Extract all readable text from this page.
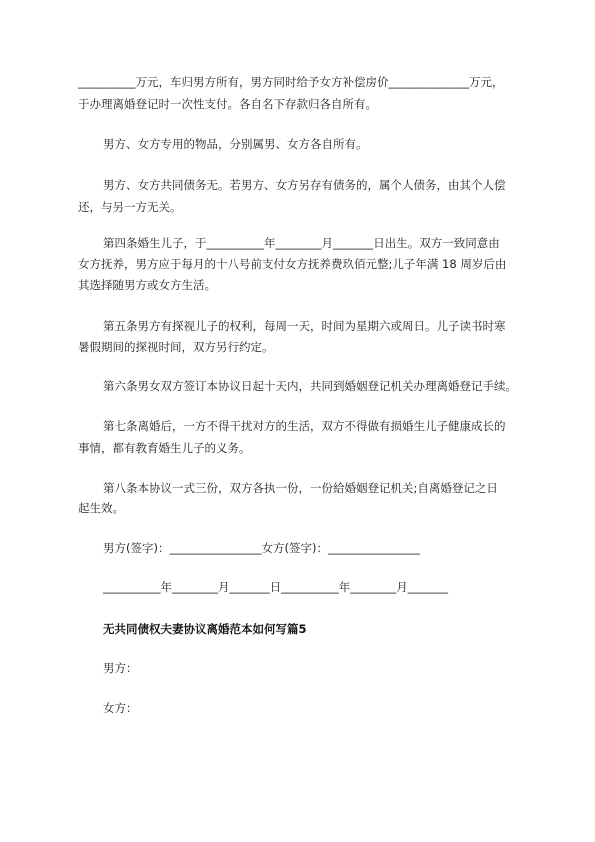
__________万元，车归男方所有，男方同时给予女方补偿房价______________万元，
于办理离婚登记时一次性支付。各自名下存款归各自所有。
男方、女方专用的物品，分别属男、女方各自所有。
男方、女方共同债务无。若男方、女方另存有债务的，属个人债务，由其个人偿
还，与另一方无关。
第四条婚生儿子，于__________年________月_______日出生。双方一致同意由
女方抚养，男方应于每月的十八号前支付女方抚养费玖佰元整;儿子年满 18 周岁后由
其选择随男方或女方生活。
第五条男方有探视儿子的权利，每周一天，时间为星期六或周日。儿子读书时寒
暑假期间的探视时间，双方另行约定。
第六条男女双方签订本协议日起十天内，共同到婚姻登记机关办理离婚登记手续。
第七条离婚后，一方不得干扰对方的生活，双方不得做有损婚生儿子健康成长的
事情，都有教育婚生儿子的义务。
第八条本协议一式三份，双方各执一份，一份給婚姻登记机关;自离婚登记之日
起生效。
男方(签字)：________________女方(签字)：________________
__________年________月_______日__________年________月_______
无共同债权夫妻协议离婚范本如何写篇5
男方：
女方：
